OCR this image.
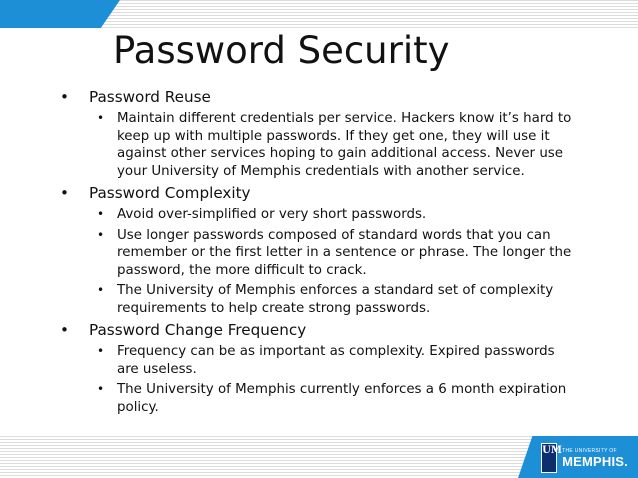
Password Security
• Password Reuse
• Maintain different credentials per service. Hackers know it’s hard to keep up with multiple passwords. If they get one, they will use it against other services hoping to gain additional access. Never use your University of Memphis credentials with another service.
• Password Complexity
• Avoid over-simplified or very short passwords.
• Use longer passwords composed of standard words that you can remember or the first letter in a sentence or phrase. The longer the password, the more difficult to crack.
• The University of Memphis enforces a standard set of complexity requirements to help create strong passwords.
• Password Change Frequency
• Frequency can be as important as complexity. Expired passwords are useless.
• The University of Memphis currently enforces a 6 month expiration policy.
UM THE UNIVERSITY OF
MEMPHIS.
